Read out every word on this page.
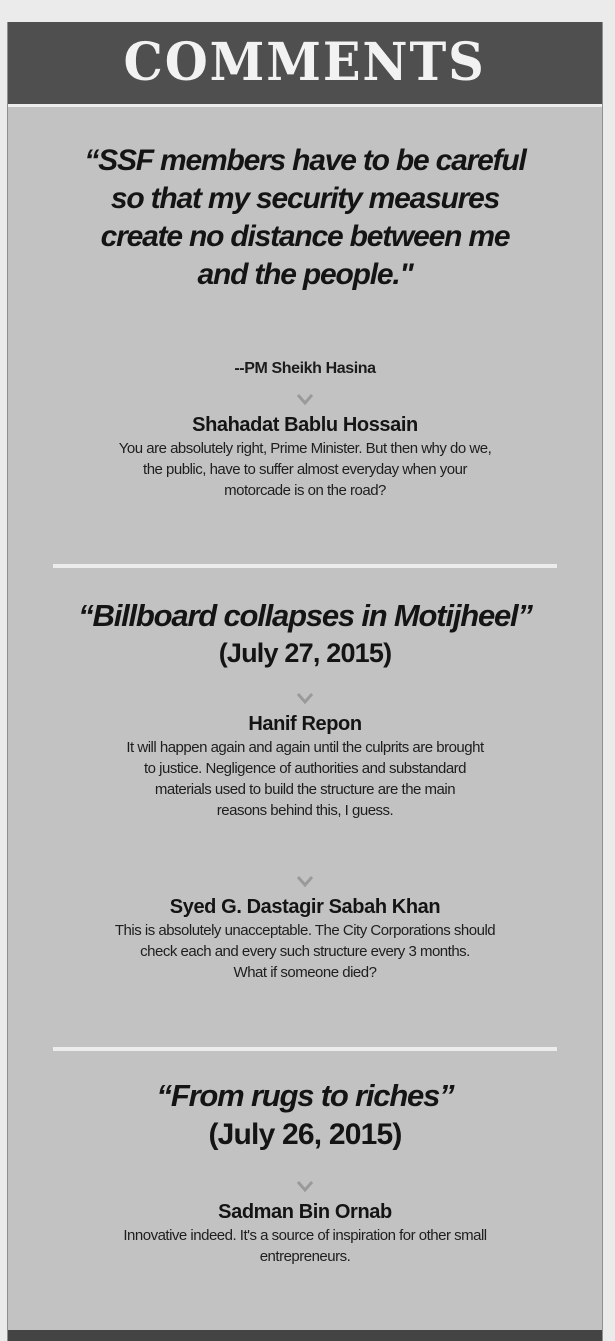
COMMENTS
“SSF members have to be careful
so that my security measures
create no distance between me
and the people."
--PM Sheikh Hasina
Shahadat Bablu Hossain
You are absolutely right, Prime Minister. But then why do we,
the public, have to suffer almost everyday when your
motorcade is on the road?
“Billboard collapses in Motijheel”
(July 27, 2015)
Hanif Repon
It will happen again and again until the culprits are brought
to justice. Negligence of authorities and substandard
materials used to build the structure are the main
reasons behind this, I guess.
Syed G. Dastagir Sabah Khan
This is absolutely unacceptable. The City Corporations should
check each and every such structure every 3 months.
What if someone died?
“From rugs to riches”
(July 26, 2015)
Sadman Bin Ornab
Innovative indeed. It's a source of inspiration for other small
entrepreneurs.
